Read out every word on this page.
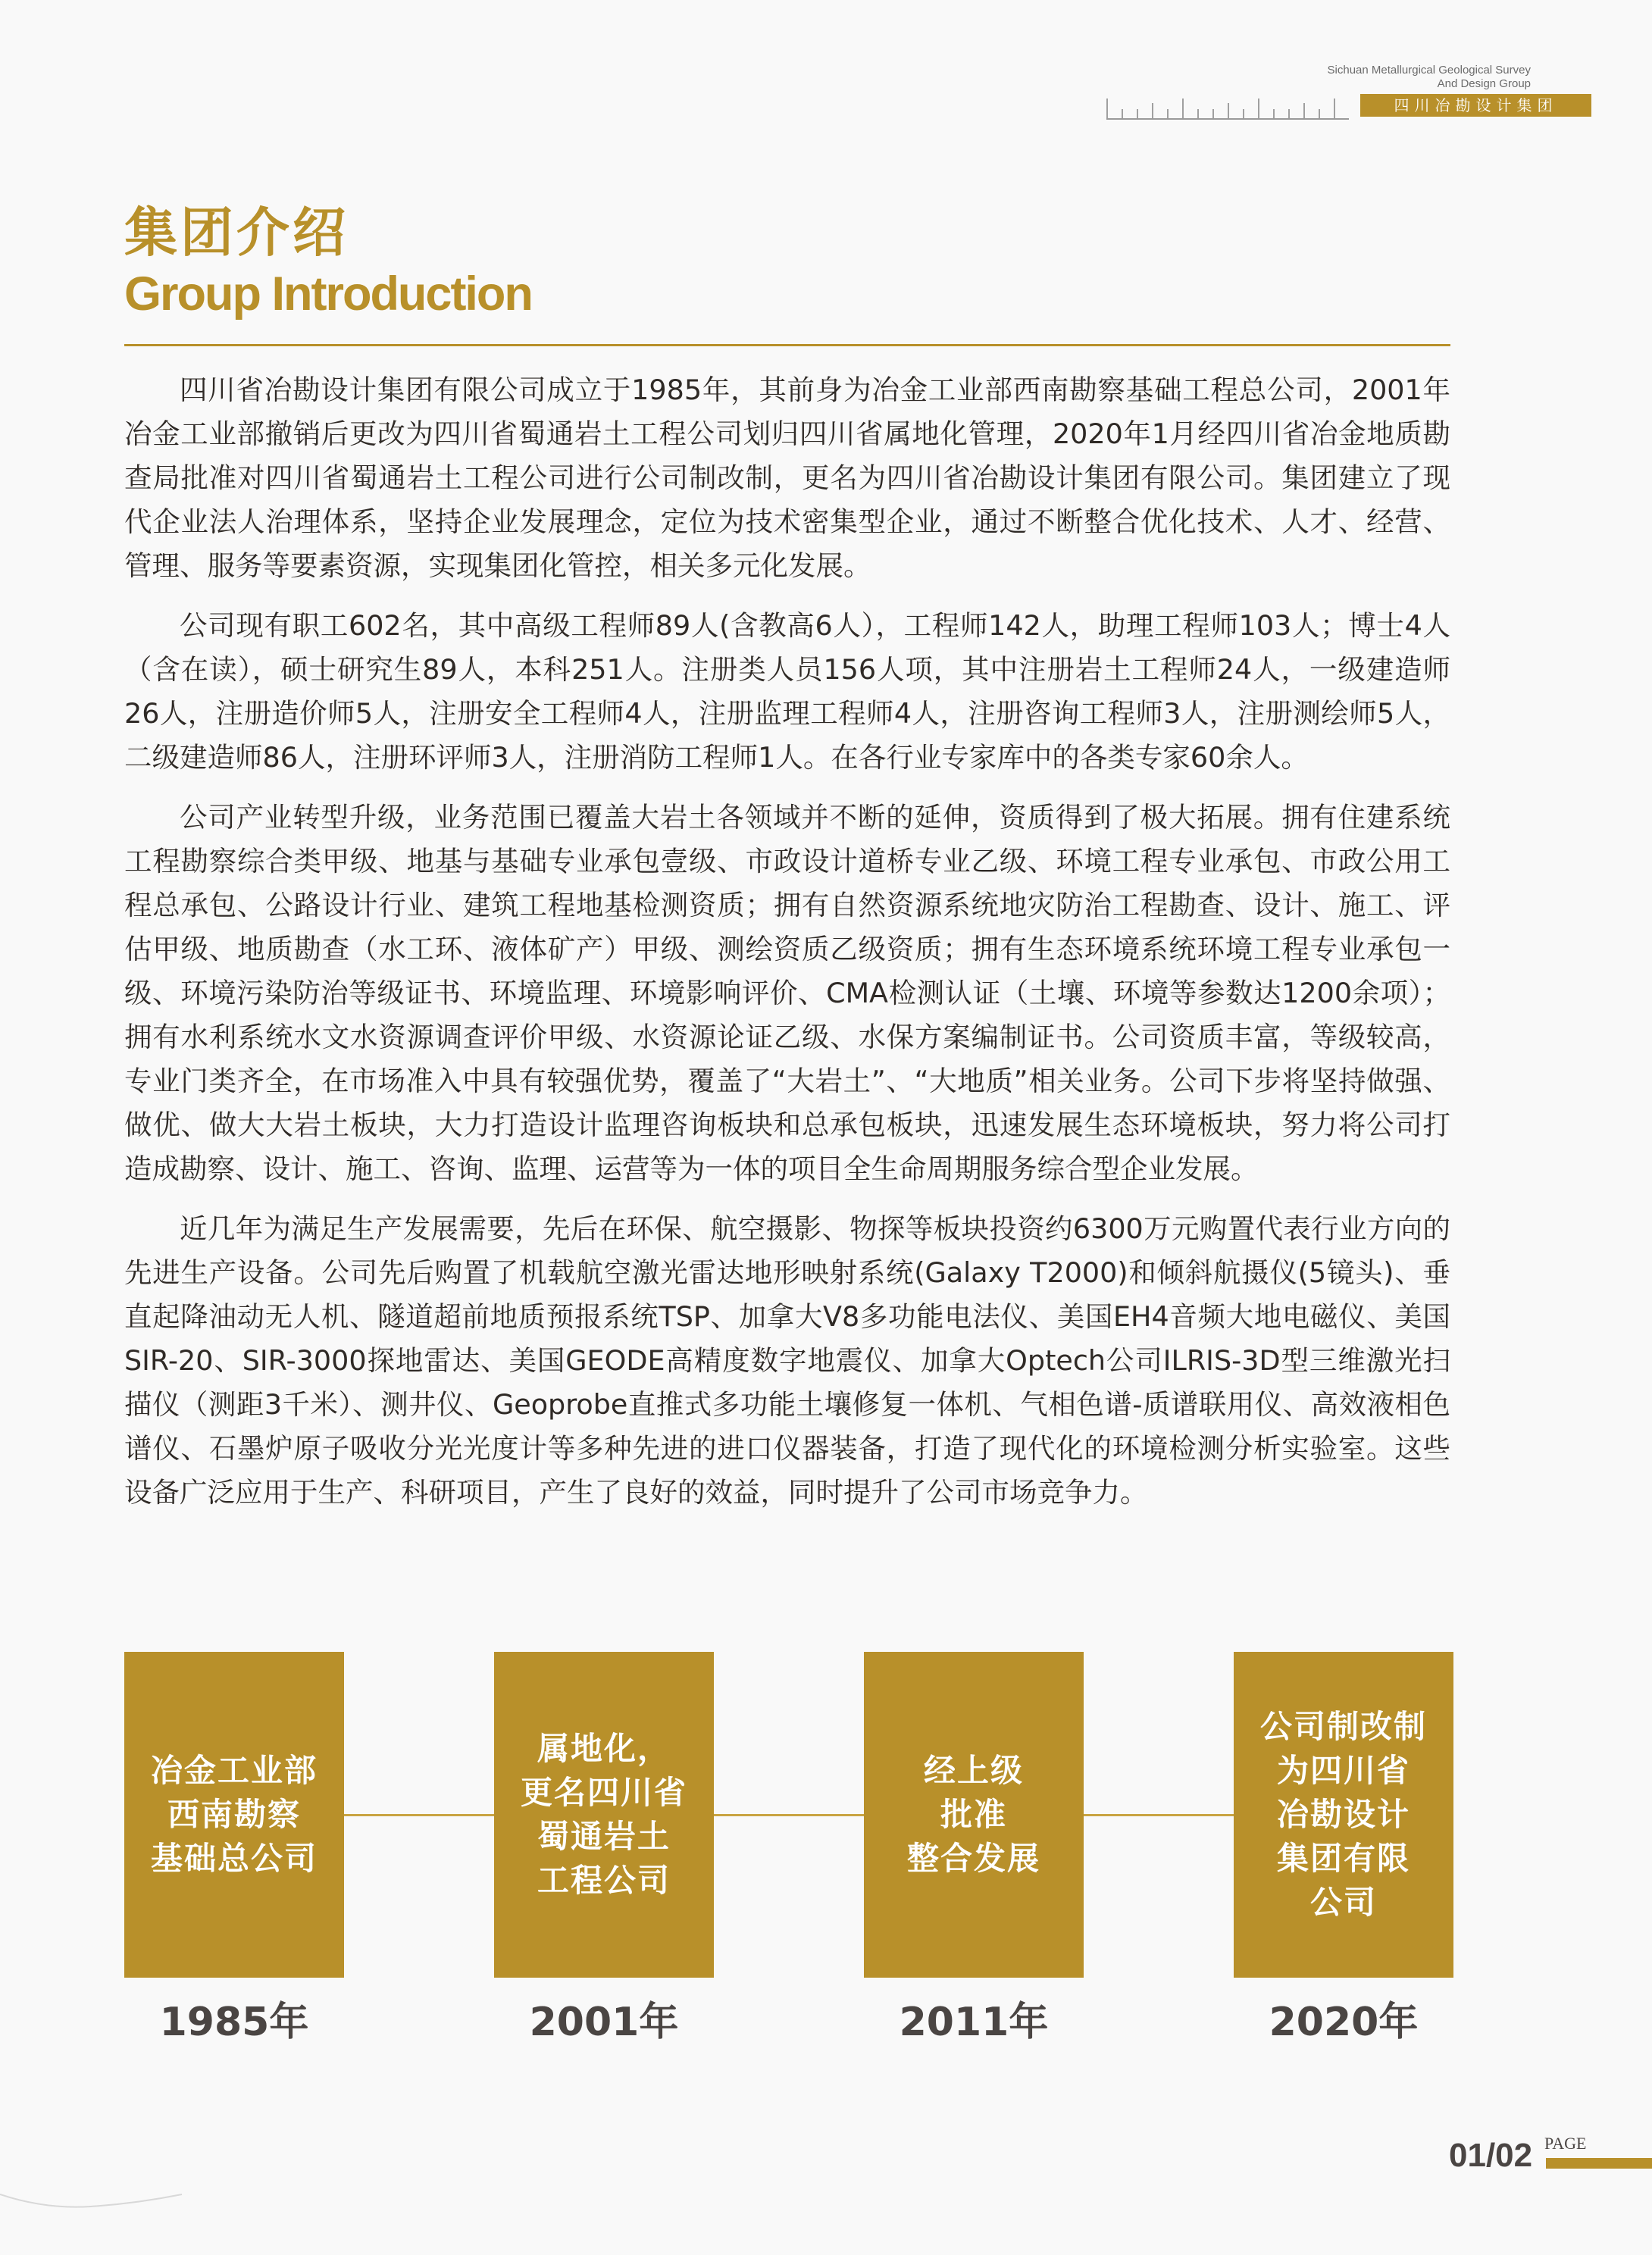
Sichuan Metallurgical Geological Survey
And Design Group
四川冶勘设计集团
集团介绍
Group Introduction

四川省冶勘设计集团有限公司成立于1985年，其前身为冶金工业部西南勘察基础工程总公司，2001年冶金工业部撤销后更改为四川省蜀通岩土工程公司划归四川省属地化管理，2020年1月经四川省冶金地质勘查局批准对四川省蜀通岩土工程公司进行公司制改制，更名为四川省冶勘设计集团有限公司。集团建立了现代企业法人治理体系，坚持企业发展理念，定位为技术密集型企业，通过不断整合优化技术、人才、经营、管理、服务等要素资源，实现集团化管控，相关多元化发展。

公司现有职工602名，其中高级工程师89人(含教高6人），工程师142人，助理工程师103人；博士4人（含在读），硕士研究生89人，本科251人。注册类人员156人项，其中注册岩土工程师24人，一级建造师26人，注册造价师5人，注册安全工程师4人，注册监理工程师4人，注册咨询工程师3人，注册测绘师5人，二级建造师86人，注册环评师3人，注册消防工程师1人。在各行业专家库中的各类专家60余人。

公司产业转型升级，业务范围已覆盖大岩土各领域并不断的延伸，资质得到了极大拓展。拥有住建系统工程勘察综合类甲级、地基与基础专业承包壹级、市政设计道桥专业乙级、环境工程专业承包、市政公用工程总承包、公路设计行业、建筑工程地基检测资质；拥有自然资源系统地灾防治工程勘查、设计、施工、评估甲级、地质勘查（水工环、液体矿产）甲级、测绘资质乙级资质；拥有生态环境系统环境工程专业承包一级、环境污染防治等级证书、环境监理、环境影响评价、CMA检测认证（土壤、环境等参数达1200余项）；拥有水利系统水文水资源调查评价甲级、水资源论证乙级、水保方案编制证书。公司资质丰富，等级较高，专业门类齐全，在市场准入中具有较强优势，覆盖了“大岩土”、“大地质”相关业务。公司下步将坚持做强、做优、做大大岩土板块，大力打造设计监理咨询板块和总承包板块，迅速发展生态环境板块，努力将公司打造成勘察、设计、施工、咨询、监理、运营等为一体的项目全生命周期服务综合型企业发展。

近几年为满足生产发展需要，先后在环保、航空摄影、物探等板块投资约6300万元购置代表行业方向的先进生产设备。公司先后购置了机载航空激光雷达地形映射系统(Galaxy T2000)和倾斜航摄仪(5镜头)、垂直起降油动无人机、隧道超前地质预报系统TSP、加拿大V8多功能电法仪、美国EH4音频大地电磁仪、美国SIR-20、SIR-3000探地雷达、美国GEODE高精度数字地震仪、加拿大Optech公司ILRIS-3D型三维激光扫描仪（测距3千米）、测井仪、Geoprobe直推式多功能土壤修复一体机、气相色谱-质谱联用仪、高效液相色谱仪、石墨炉原子吸收分光光度计等多种先进的进口仪器装备，打造了现代化的环境检测分析实验室。这些设备广泛应用于生产、科研项目，产生了良好的效益，同时提升了公司市场竞争力。

冶金工业部
西南勘察
基础总公司
1985年
属地化，
更名四川省
蜀通岩土
工程公司
2001年
经上级
批准
整合发展
2011年
公司制改制
为四川省
冶勘设计
集团有限
公司
2020年
01/02 PAGE
